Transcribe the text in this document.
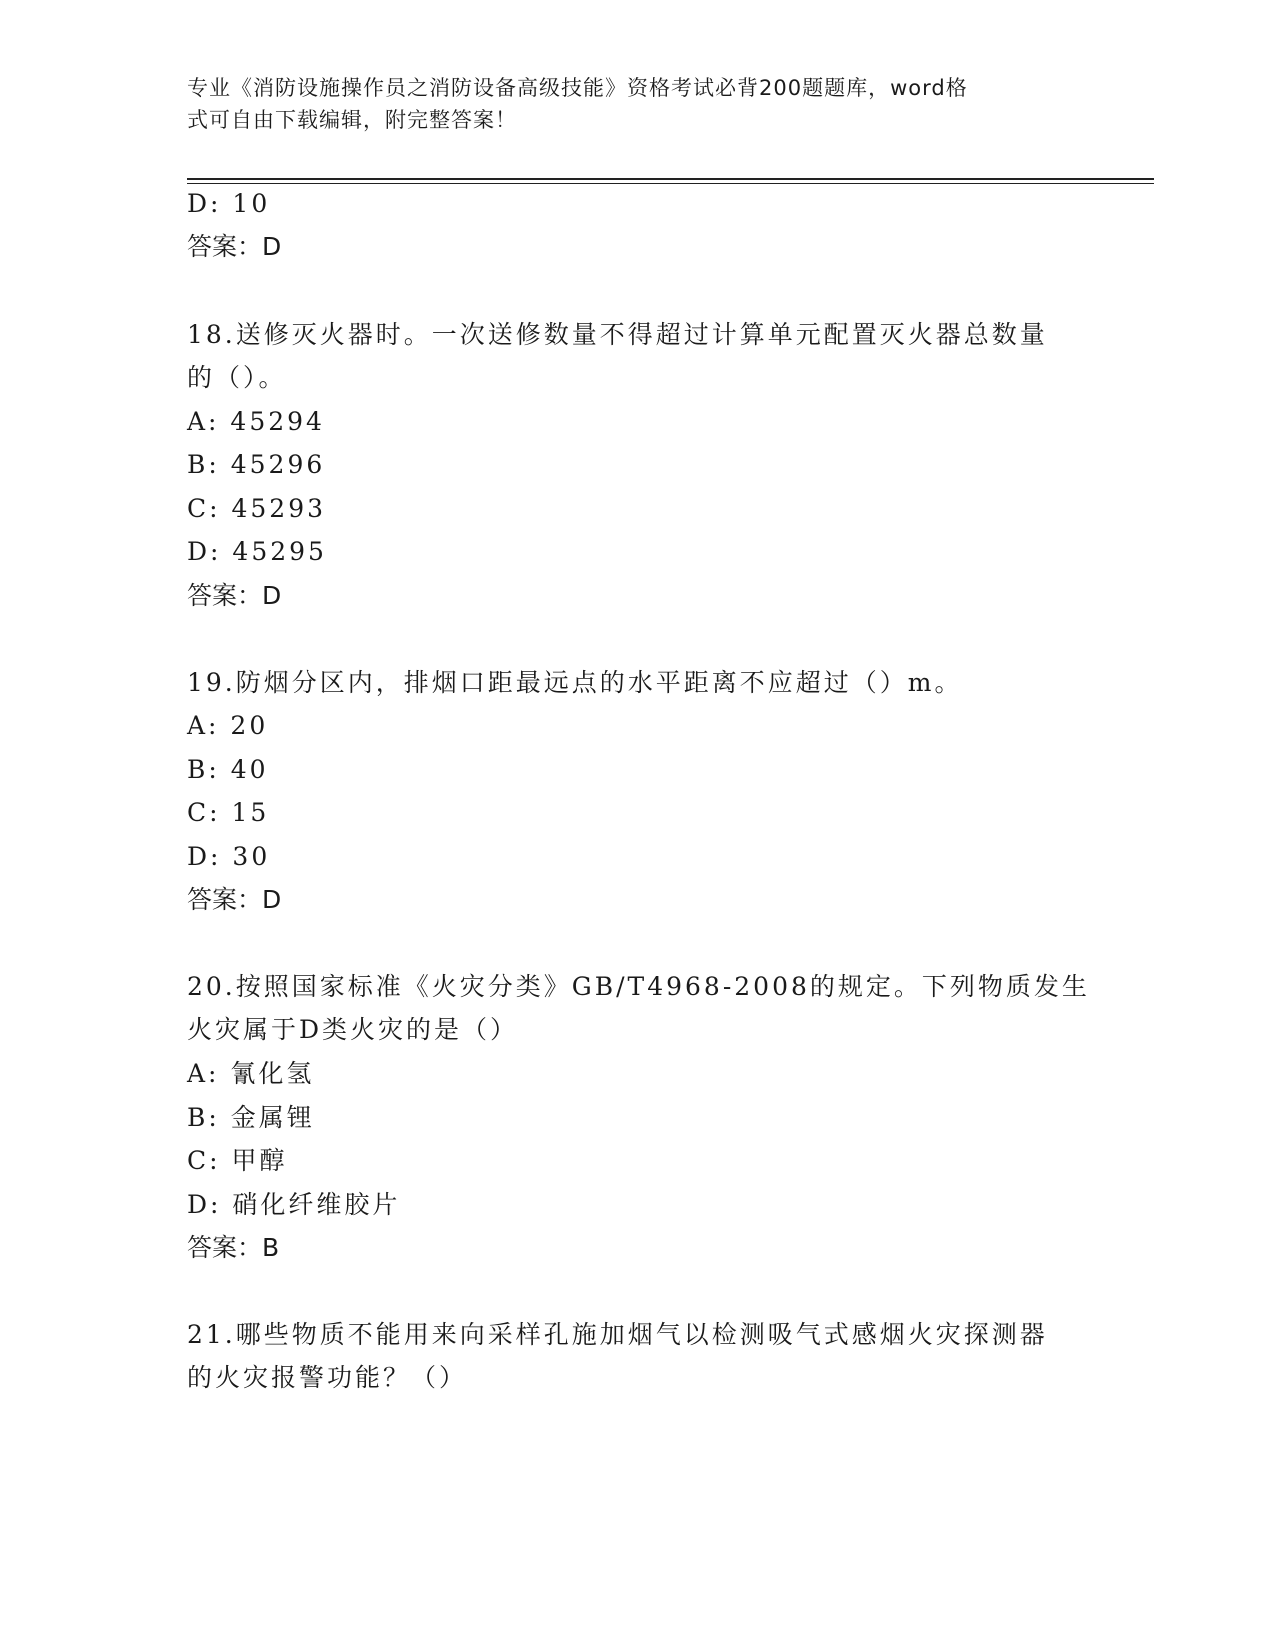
专业《消防设施操作员之消防设备高级技能》资格考试必背200题题库，word格
式可自由下载编辑，附完整答案！

D: 10

答案：D

18.送修灭火器时。一次送修数量不得超过计算单元配置灭火器总数量

的（）。

A: 45294

B: 45296

C: 45293

D: 45295

答案：D

19.防烟分区内，排烟口距最远点的水平距离不应超过（）m。

A: 20

B: 40

C: 15

D: 30

答案：D

20.按照国家标准《火灾分类》GB/T4968-2008的规定。下列物质发生

火灾属于D类火灾的是（）

A: 氰化氢

B: 金属锂

C: 甲醇

D: 硝化纤维胶片

答案：B

21.哪些物质不能用来向采样孔施加烟气以检测吸气式感烟火灾探测器

的火灾报警功能？（）
